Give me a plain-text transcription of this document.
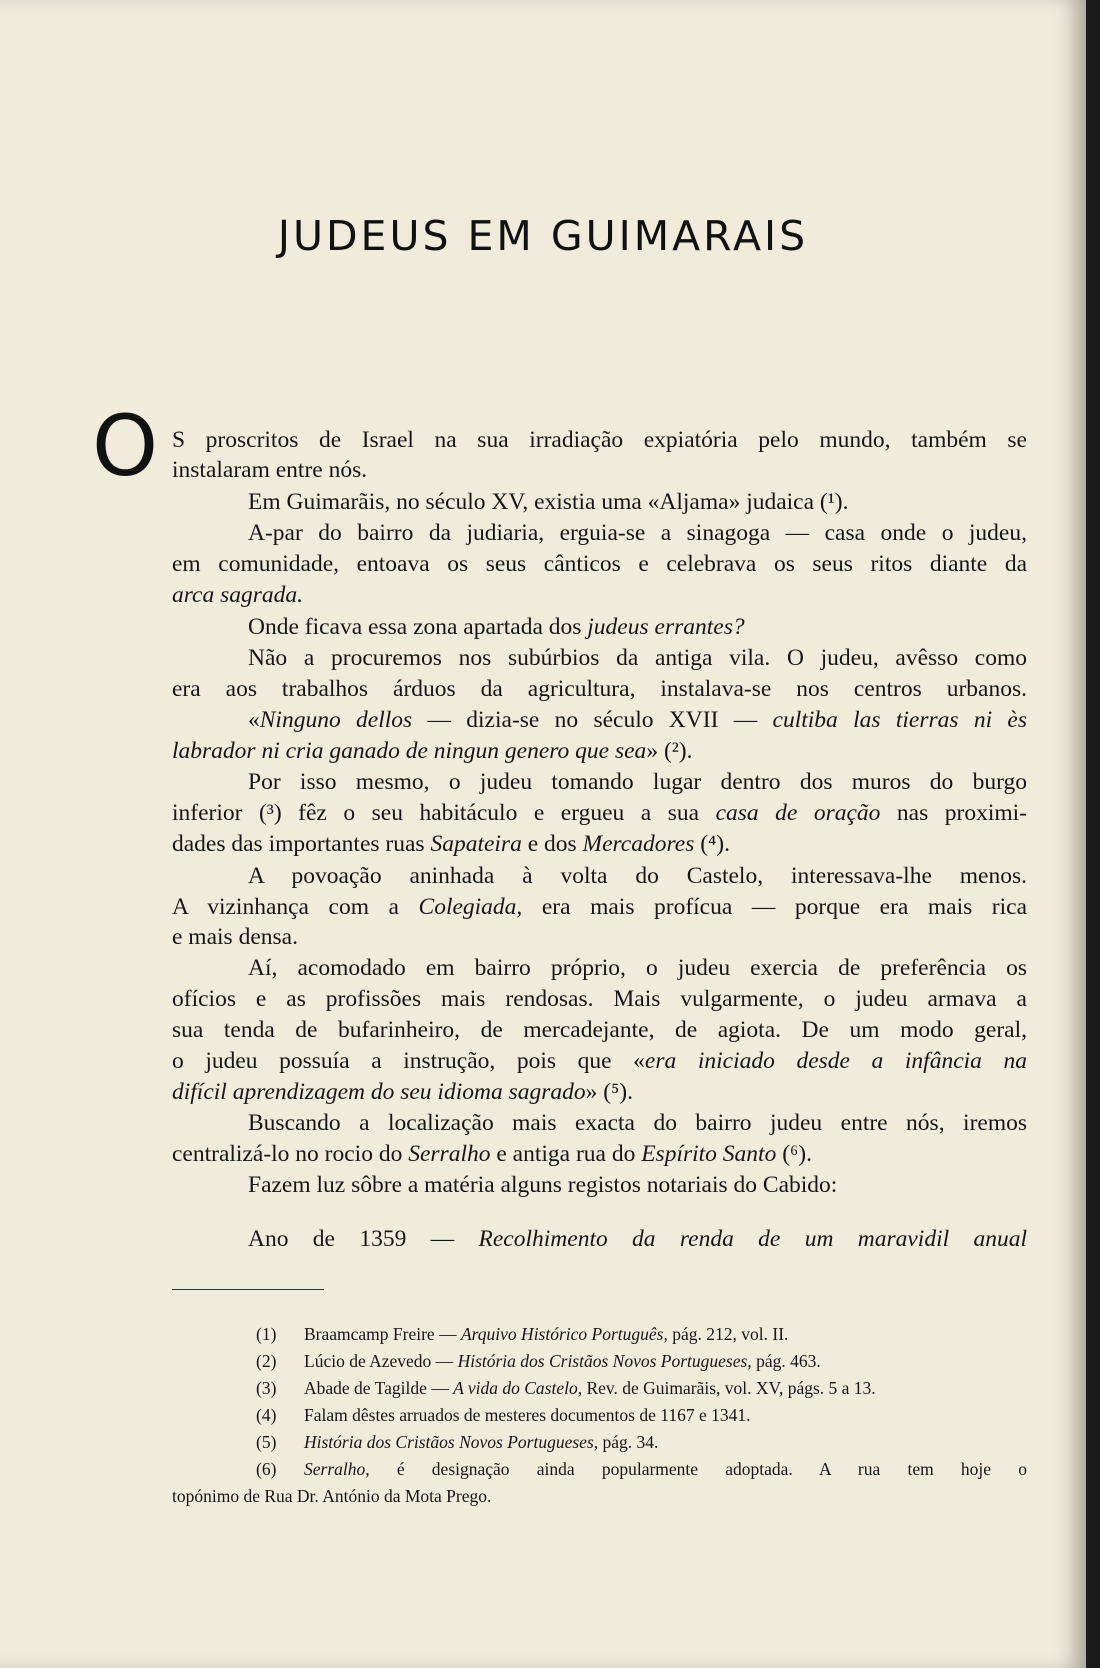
JUDEUS EM GUIMARAIS
O S proscritos de Israel na sua irradiação expiatória pelo mundo, também se
instalaram entre nós.
Em Guimarãis, no século XV, existia uma «Aljama» judaica (¹).
A-par do bairro da judiaria, erguia-se a sinagoga — casa onde o judeu,
em comunidade, entoava os seus cânticos e celebrava os seus ritos diante da
arca sagrada.
Onde ficava essa zona apartada dos judeus errantes?
Não a procuremos nos subúrbios da antiga vila. O judeu, avêsso como
era aos trabalhos árduos da agricultura, instalava-se nos centros urbanos.
«Ninguno dellos — dizia-se no século XVII — cultiba las tierras ni ès
labrador ni cria ganado de ningun genero que sea» (²).
Por isso mesmo, o judeu tomando lugar dentro dos muros do burgo
inferior (³) fêz o seu habitáculo e ergueu a sua casa de oração nas proximi-
dades das importantes ruas Sapateira e dos Mercadores (⁴).
A povoação aninhada à volta do Castelo, interessava-lhe menos.
A vizinhança com a Colegiada, era mais profícua — porque era mais rica
e mais densa.
Aí, acomodado em bairro próprio, o judeu exercia de preferência os
ofícios e as profissões mais rendosas. Mais vulgarmente, o judeu armava a
sua tenda de bufarinheiro, de mercadejante, de agiota. De um modo geral,
o judeu possuía a instrução, pois que «era iniciado desde a infância na
difícil aprendizagem do seu idioma sagrado» (⁵).
Buscando a localização mais exacta do bairro judeu entre nós, iremos
centralizá-lo no rocio do Serralho e antiga rua do Espírito Santo (⁶).
Fazem luz sôbre a matéria alguns registos notariais do Cabido:
Ano de 1359 — Recolhimento da renda de um maravidil anual
(1) Braamcamp Freire — Arquivo Histórico Português, pág. 212, vol. II.
(2) Lúcio de Azevedo — História dos Cristãos Novos Portugueses, pág. 463.
(3) Abade de Tagilde — A vida do Castelo, Rev. de Guimarãis, vol. XV, págs. 5 a 13.
(4) Falam dêstes arruados de mesteres documentos de 1167 e 1341.
(5) História dos Cristãos Novos Portugueses, pág. 34.
(6) Serralho, é designação ainda popularmente adoptada. A rua tem hoje o
topónimo de Rua Dr. António da Mota Prego.
